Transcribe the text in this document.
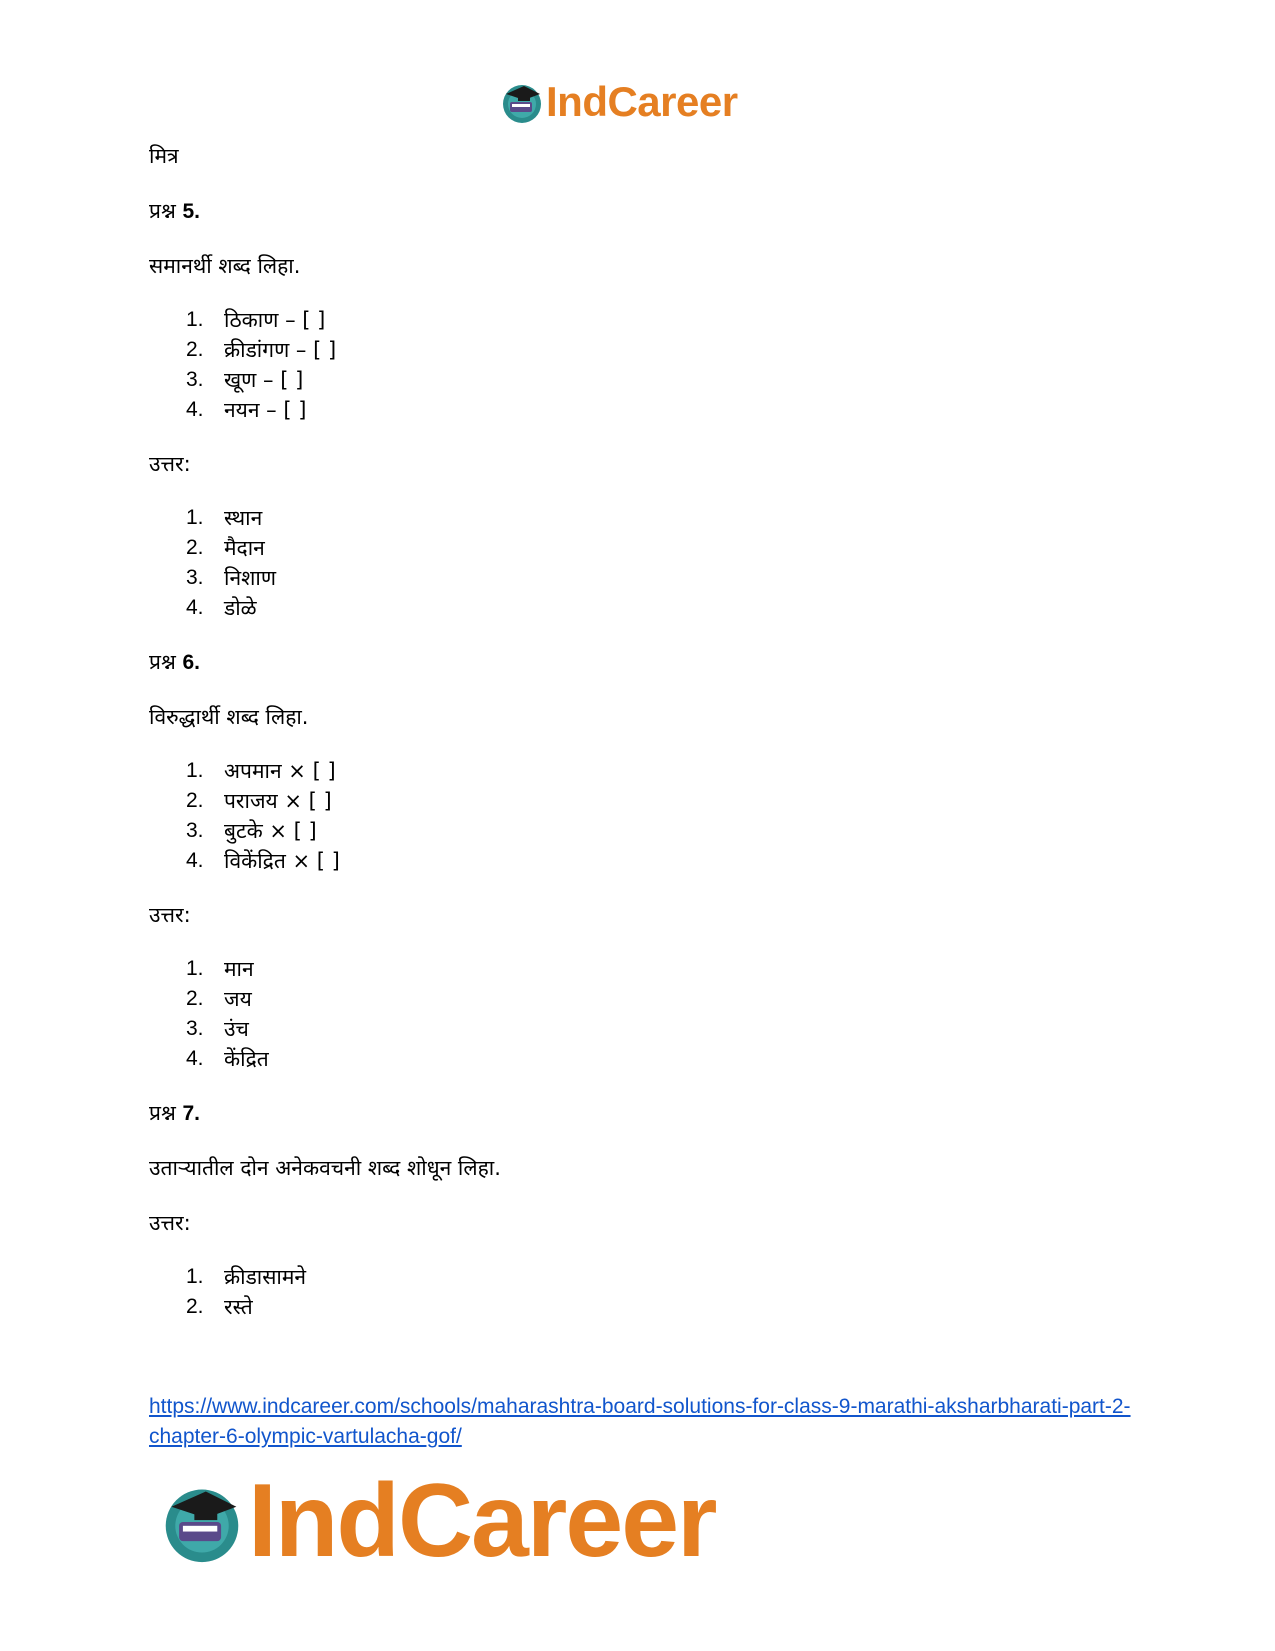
IndCareer

मित्र

प्रश्न 5.

समानर्थी शब्द लिहा.

1. ठिकाण – [ ]
2. क्रीडांगण – [ ]
3. खूण – [ ]
4. नयन – [ ]

उत्तर:

1. स्थान
2. मैदान
3. निशाण
4. डोळे

प्रश्न 6.

विरुद्धार्थी शब्द लिहा.

1. अपमान × [ ]
2. पराजय × [ ]
3. बुटके × [ ]
4. विकेंद्रित × [ ]

उत्तर:

1. मान
2. जय
3. उंच
4. केंद्रित

प्रश्न 7.

उताऱ्यातील दोन अनेकवचनी शब्द शोधून लिहा.

उत्तर:

1. क्रीडासामने
2. रस्ते
https://www.indcareer.com/schools/maharashtra-board-solutions-for-class-9-marathi-aksharbharati-part-2-chapter-6-olympic-vartulacha-gof/
IndCareer
